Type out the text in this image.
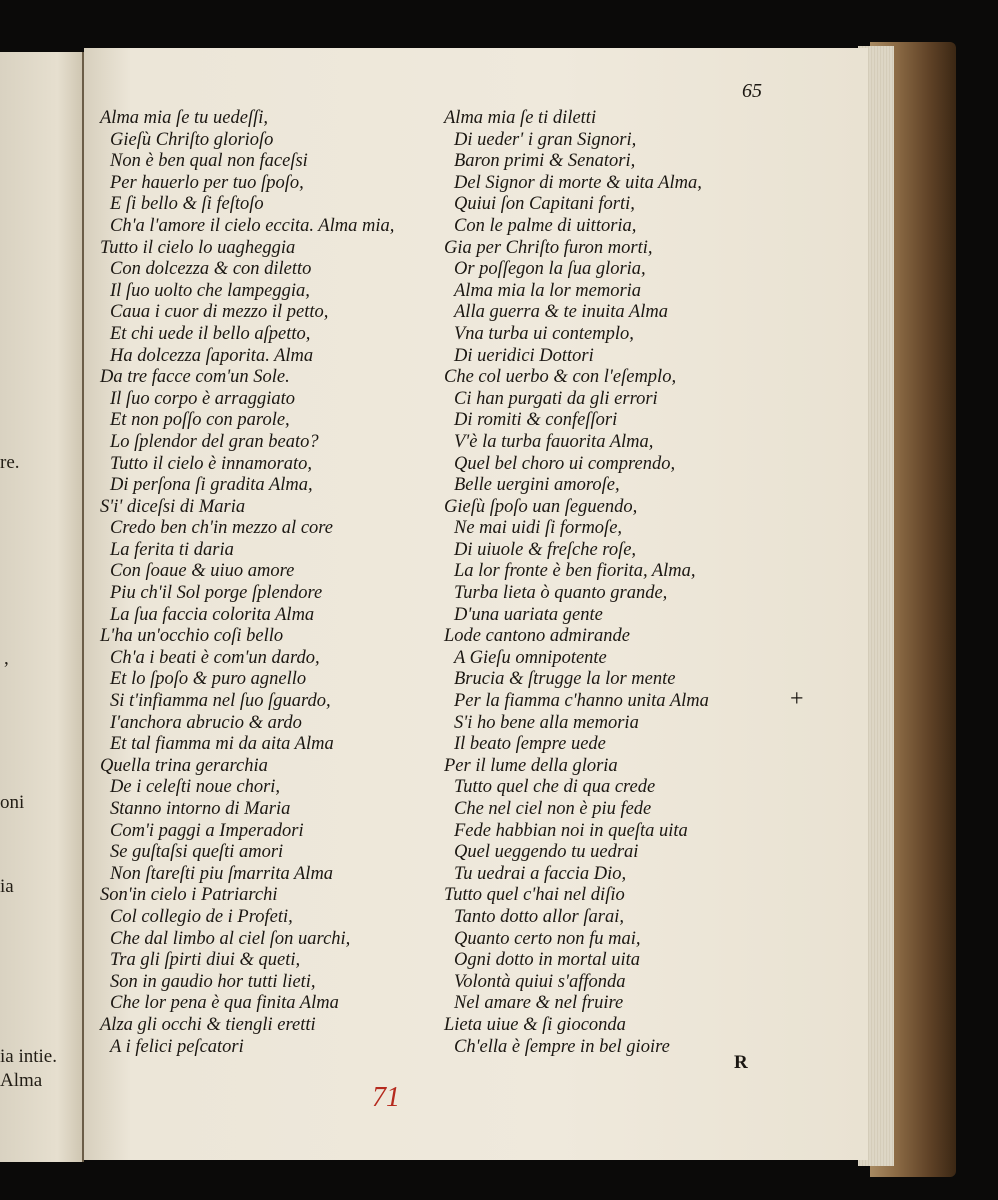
re.
,
oni
ia
ia intie.
Alma
65
Alma mia ſe tu uedeſſi,
Gieſù Chriſto glorioſo
Non è ben qual non faceſsi
Per hauerlo per tuo ſpoſo,
E ſi bello & ſi feſtoſo
Ch'a l'amore il cielo eccita. Alma mia,
Tutto il cielo lo uagheggia
Con dolcezza & con diletto
Il ſuo uolto che lampeggia,
Caua i cuor di mezzo il petto,
Et chi uede il bello aſpetto,
Ha dolcezza ſaporita. Alma
Da tre facce com'un Sole.
Il ſuo corpo è arraggiato
Et non poſſo con parole,
Lo ſplendor del gran beato?
Tutto il cielo è innamorato,
Di perſona ſi gradita Alma,
S'i' diceſsi di Maria
Credo ben ch'in mezzo al core
La ferita ti daria
Con ſoaue & uiuo amore
Piu ch'il Sol porge ſplendore
La ſua faccia colorita Alma
L'ha un'occhio coſi bello
Ch'a i beati è com'un dardo,
Et lo ſpoſo & puro agnello
Si t'infiamma nel ſuo ſguardo,
I'anchora abrucio & ardo
Et tal fiamma mi da aita Alma
Quella trina gerarchia
De i celeſti noue chori,
Stanno intorno di Maria
Com'i paggi a Imperadori
Se guſtaſsi queſti amori
Non ſtareſti piu ſmarrita Alma
Son'in cielo i Patriarchi
Col collegio de i Profeti,
Che dal limbo al ciel ſon uarchi,
Tra gli ſpirti diui & queti,
Son in gaudio hor tutti lieti,
Che lor pena è qua finita Alma
Alza gli occhi & tiengli eretti
A i felici peſcatori
Alma mia ſe ti diletti
Di ueder' i gran Signori,
Baron primi & Senatori,
Del Signor di morte & uita Alma,
Quiui ſon Capitani forti,
Con le palme di uittoria,
Gia per Chriſto furon morti,
Or poſſegon la ſua gloria,
Alma mia la lor memoria
Alla guerra & te inuita Alma
Vna turba ui contemplo,
Di ueridici Dottori
Che col uerbo & con l'eſemplo,
Ci han purgati da gli errori
Di romiti & confeſſori
V'è la turba fauorita Alma,
Quel bel choro ui comprendo,
Belle uergini amoroſe,
Gieſù ſpoſo uan ſeguendo,
Ne mai uidi ſi formoſe,
Di uiuole & freſche roſe,
La lor fronte è ben fiorita, Alma,
Turba lieta ò quanto grande,
D'una uariata gente
Lode cantono admirande
A Gieſu omnipotente
Brucia & ſtrugge la lor mente
Per la fiamma c'hanno unita Alma
S'i ho bene alla memoria
Il beato ſempre uede
Per il lume della gloria
Tutto quel che di qua crede
Che nel ciel non è piu fede
Fede habbian noi in queſta uita
Quel ueggendo tu uedrai
Tu uedrai a faccia Dio,
Tutto quel c'hai nel diſio
Tanto dotto allor ſarai,
Quanto certo non fu mai,
Ogni dotto in mortal uita
Volontà quiui s'affonda
Nel amare & nel fruire
Lieta uiue & ſi gioconda
Ch'ella è ſempre in bel gioire
R
+
71
